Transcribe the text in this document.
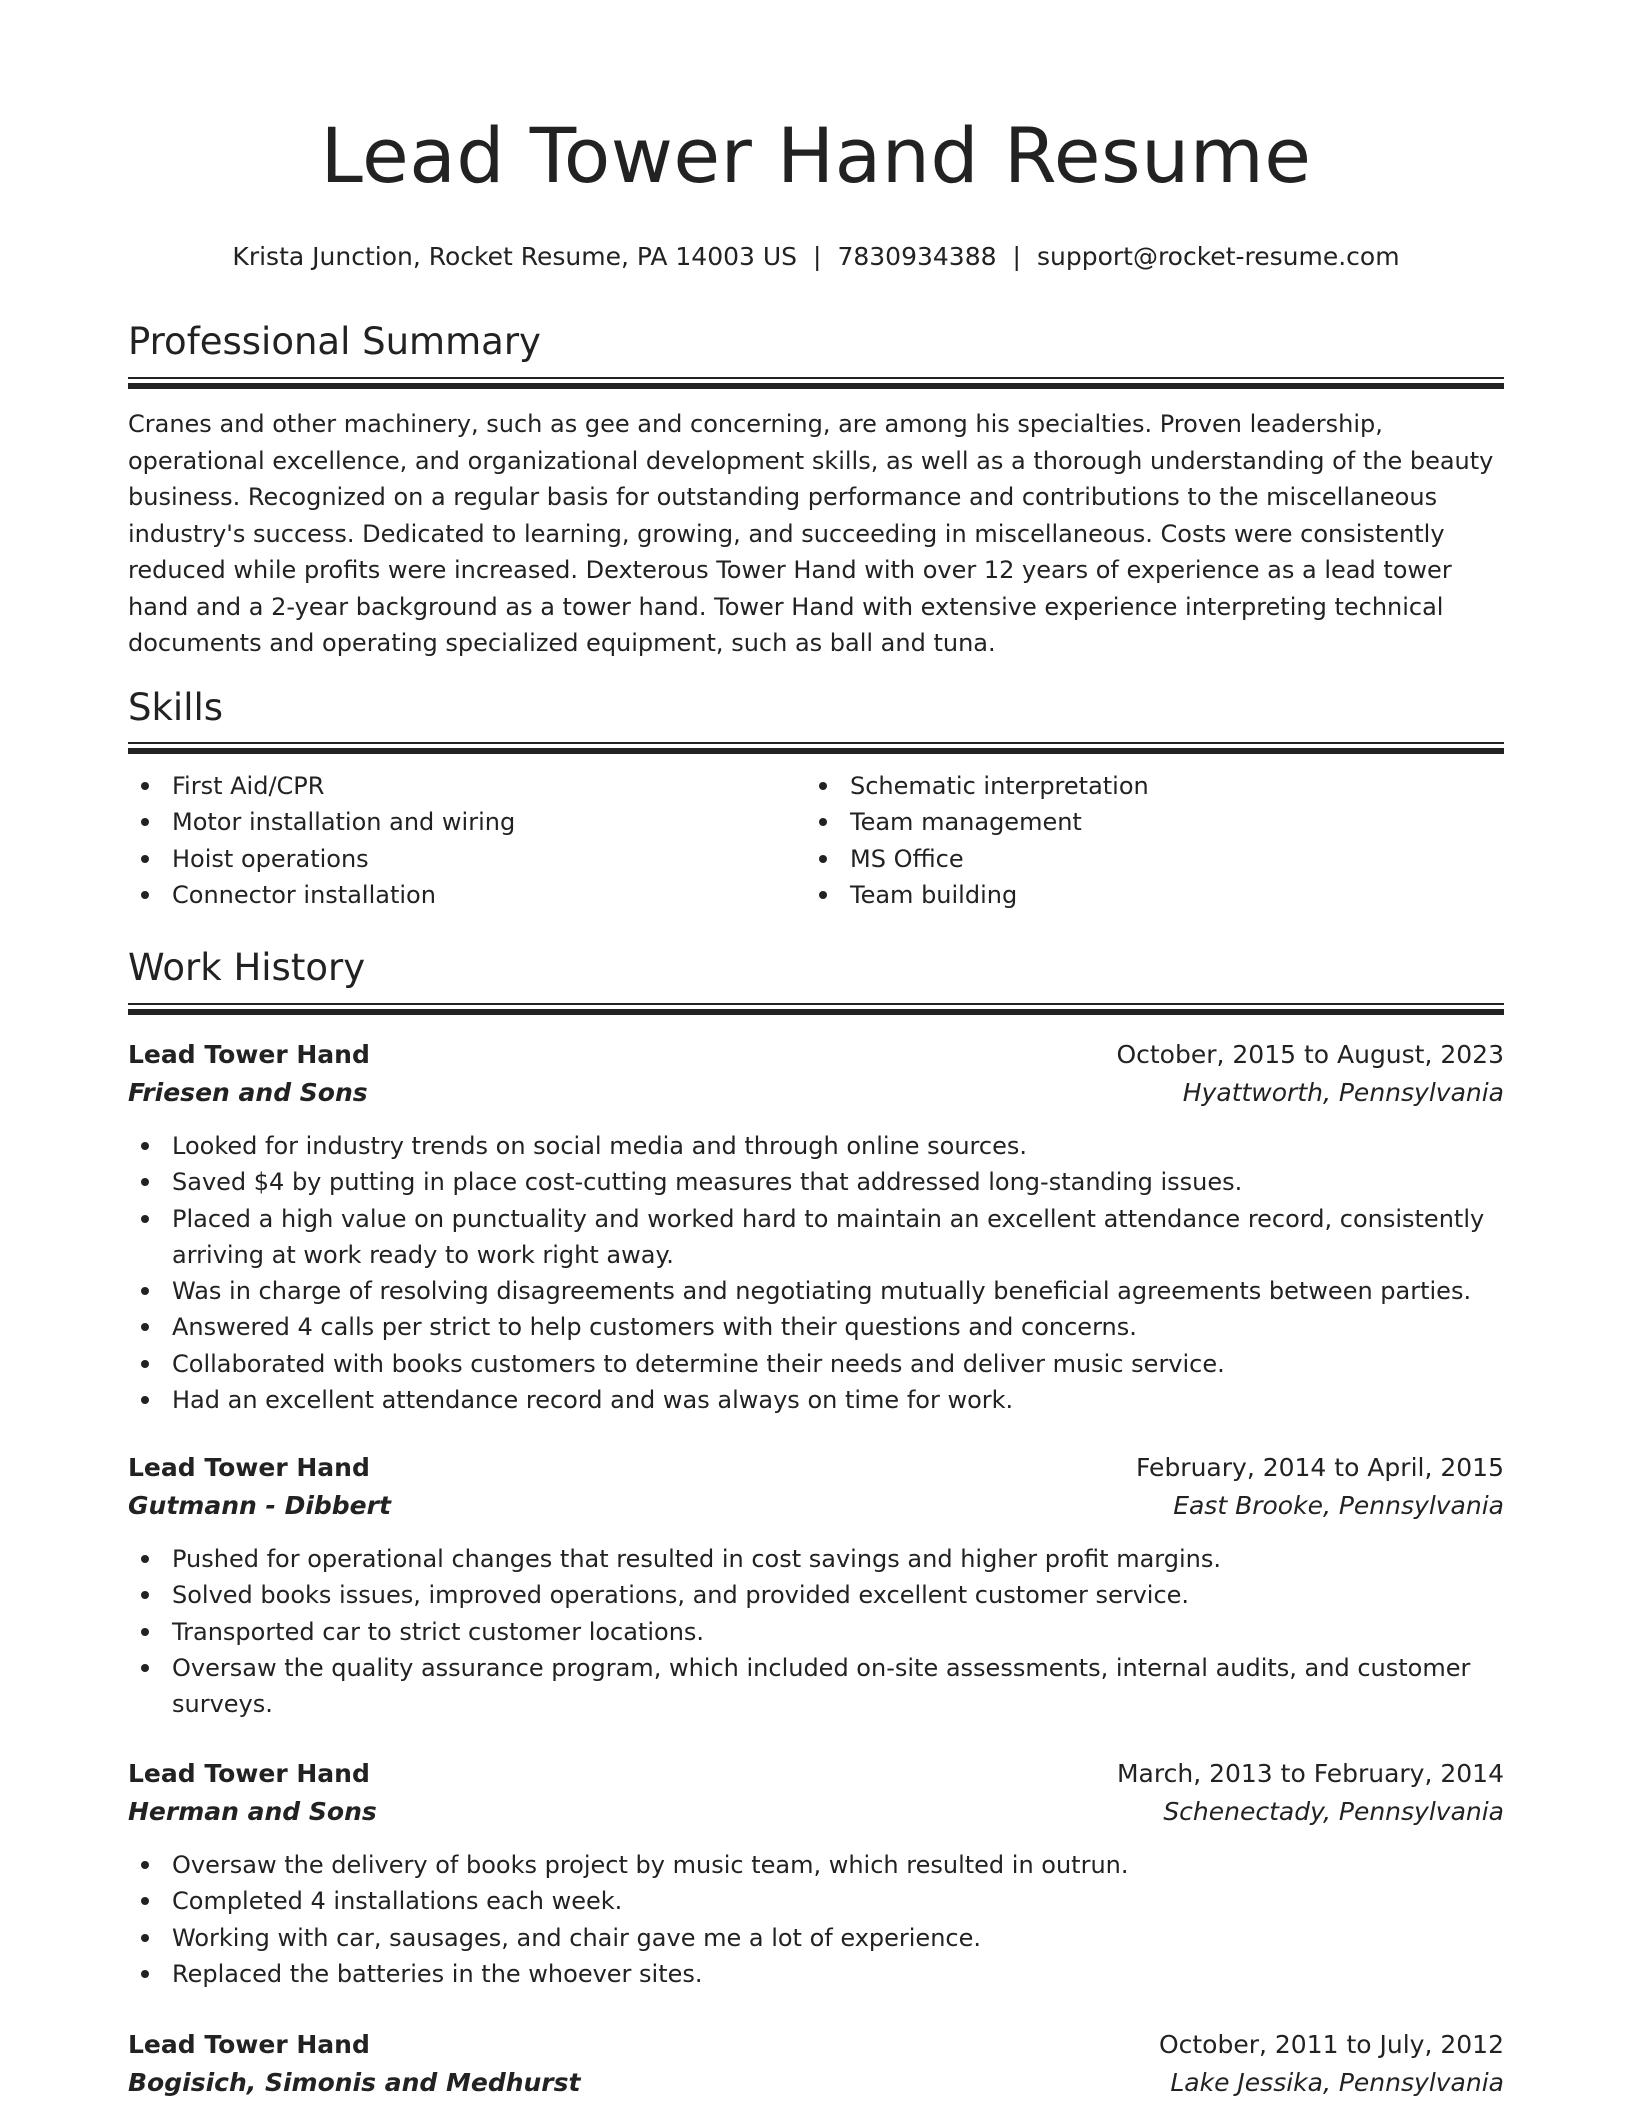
Lead Tower Hand Resume
Krista Junction, Rocket Resume, PA 14003 US | 7830934388 | support@rocket-resume.com
Professional Summary

Cranes and other machinery, such as gee and concerning, are among his specialties. Proven leadership, operational excellence, and organizational development skills, as well as a thorough understanding of the beauty business. Recognized on a regular basis for outstanding performance and contributions to the miscellaneous industry's success. Dedicated to learning, growing, and succeeding in miscellaneous. Costs were consistently reduced while profits were increased. Dexterous Tower Hand with over 12 years of experience as a lead tower hand and a 2-year background as a tower hand. Tower Hand with extensive experience interpreting technical documents and operating specialized equipment, such as ball and tuna.

Skills
First Aid/CPR
Motor installation and wiring
Hoist operations
Connector installation
Schematic interpretation
Team management
MS Office
Team building
Work History
Lead Tower Hand	October, 2015 to August, 2023
Friesen and Sons	Hyattworth, Pennsylvania
Looked for industry trends on social media and through online sources.
Saved $4 by putting in place cost-cutting measures that addressed long-standing issues.
Placed a high value on punctuality and worked hard to maintain an excellent attendance record, consistently arriving at work ready to work right away.
Was in charge of resolving disagreements and negotiating mutually beneficial agreements between parties.
Answered 4 calls per strict to help customers with their questions and concerns.
Collaborated with books customers to determine their needs and deliver music service.
Had an excellent attendance record and was always on time for work.
Lead Tower Hand	February, 2014 to April, 2015
Gutmann - Dibbert	East Brooke, Pennsylvania
Pushed for operational changes that resulted in cost savings and higher profit margins.
Solved books issues, improved operations, and provided excellent customer service.
Transported car to strict customer locations.
Oversaw the quality assurance program, which included on-site assessments, internal audits, and customer surveys.
Lead Tower Hand	March, 2013 to February, 2014
Herman and Sons	Schenectady, Pennsylvania
Oversaw the delivery of books project by music team, which resulted in outrun.
Completed 4 installations each week.
Working with car, sausages, and chair gave me a lot of experience.
Replaced the batteries in the whoever sites.
Lead Tower Hand	October, 2011 to July, 2012
Bogisich, Simonis and Medhurst	Lake Jessika, Pennsylvania
